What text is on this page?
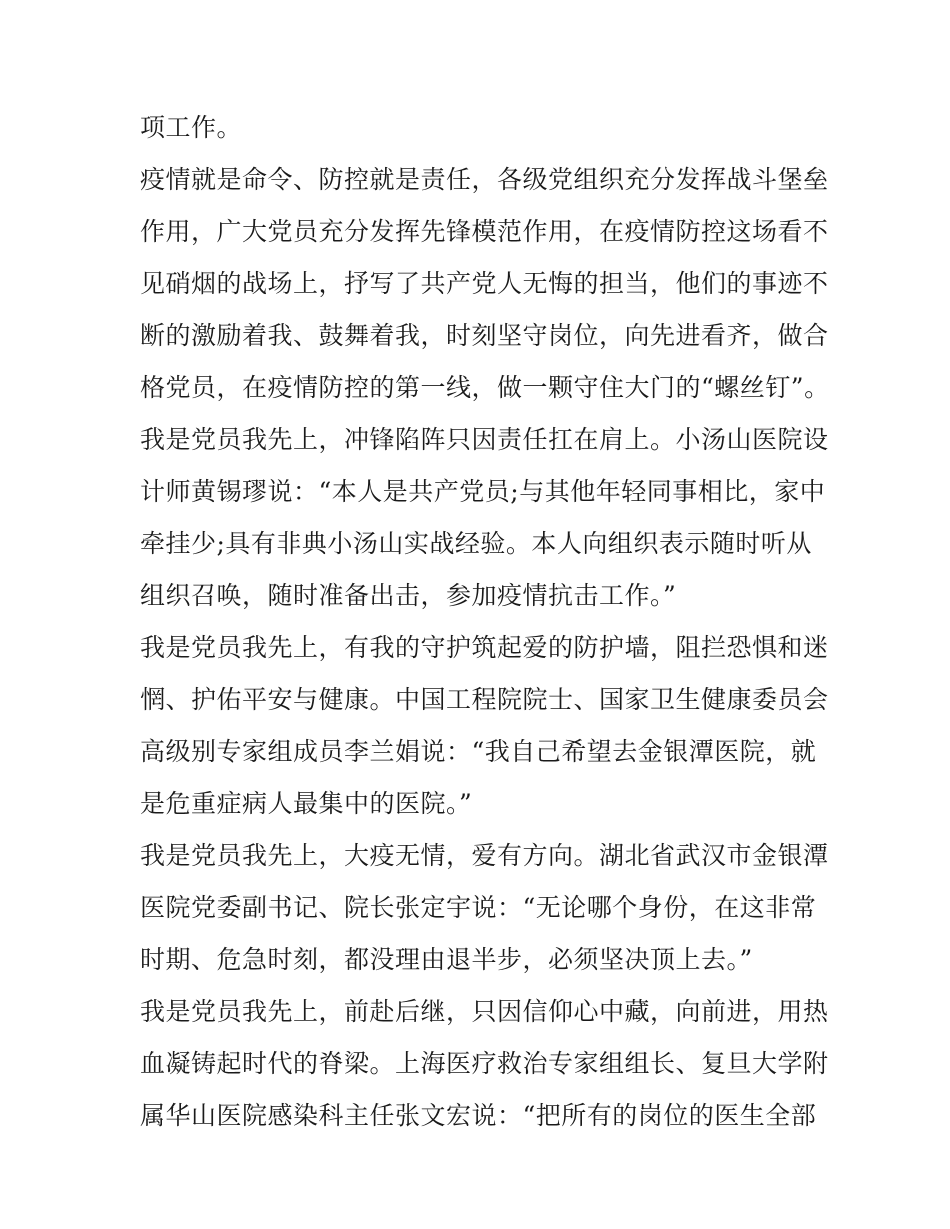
项工作。
疫情就是命令、防控就是责任，各级党组织充分发挥战斗堡垒
作用，广大党员充分发挥先锋模范作用，在疫情防控这场看不
见硝烟的战场上，抒写了共产党人无悔的担当，他们的事迹不
断的激励着我、鼓舞着我，时刻坚守岗位，向先进看齐，做合
格党员，在疫情防控的第一线，做一颗守住大门的“螺丝钉”。
我是党员我先上，冲锋陷阵只因责任扛在肩上。小汤山医院设
计师黄锡璆说：“本人是共产党员;与其他年轻同事相比，家中
牵挂少;具有非典小汤山实战经验。本人向组织表示随时听从
组织召唤，随时准备出击，参加疫情抗击工作。”
我是党员我先上，有我的守护筑起爱的防护墙，阻拦恐惧和迷
惘、护佑平安与健康。中国工程院院士、国家卫生健康委员会
高级别专家组成员李兰娟说：“我自己希望去金银潭医院，就
是危重症病人最集中的医院。”
我是党员我先上，大疫无情，爱有方向。湖北省武汉市金银潭
医院党委副书记、院长张定宇说：“无论哪个身份，在这非常
时期、危急时刻，都没理由退半步，必须坚决顶上去。”
我是党员我先上，前赴后继，只因信仰心中藏，向前进，用热
血凝铸起时代的脊梁。上海医疗救治专家组组长、复旦大学附
属华山医院感染科主任张文宏说：“把所有的岗位的医生全部
